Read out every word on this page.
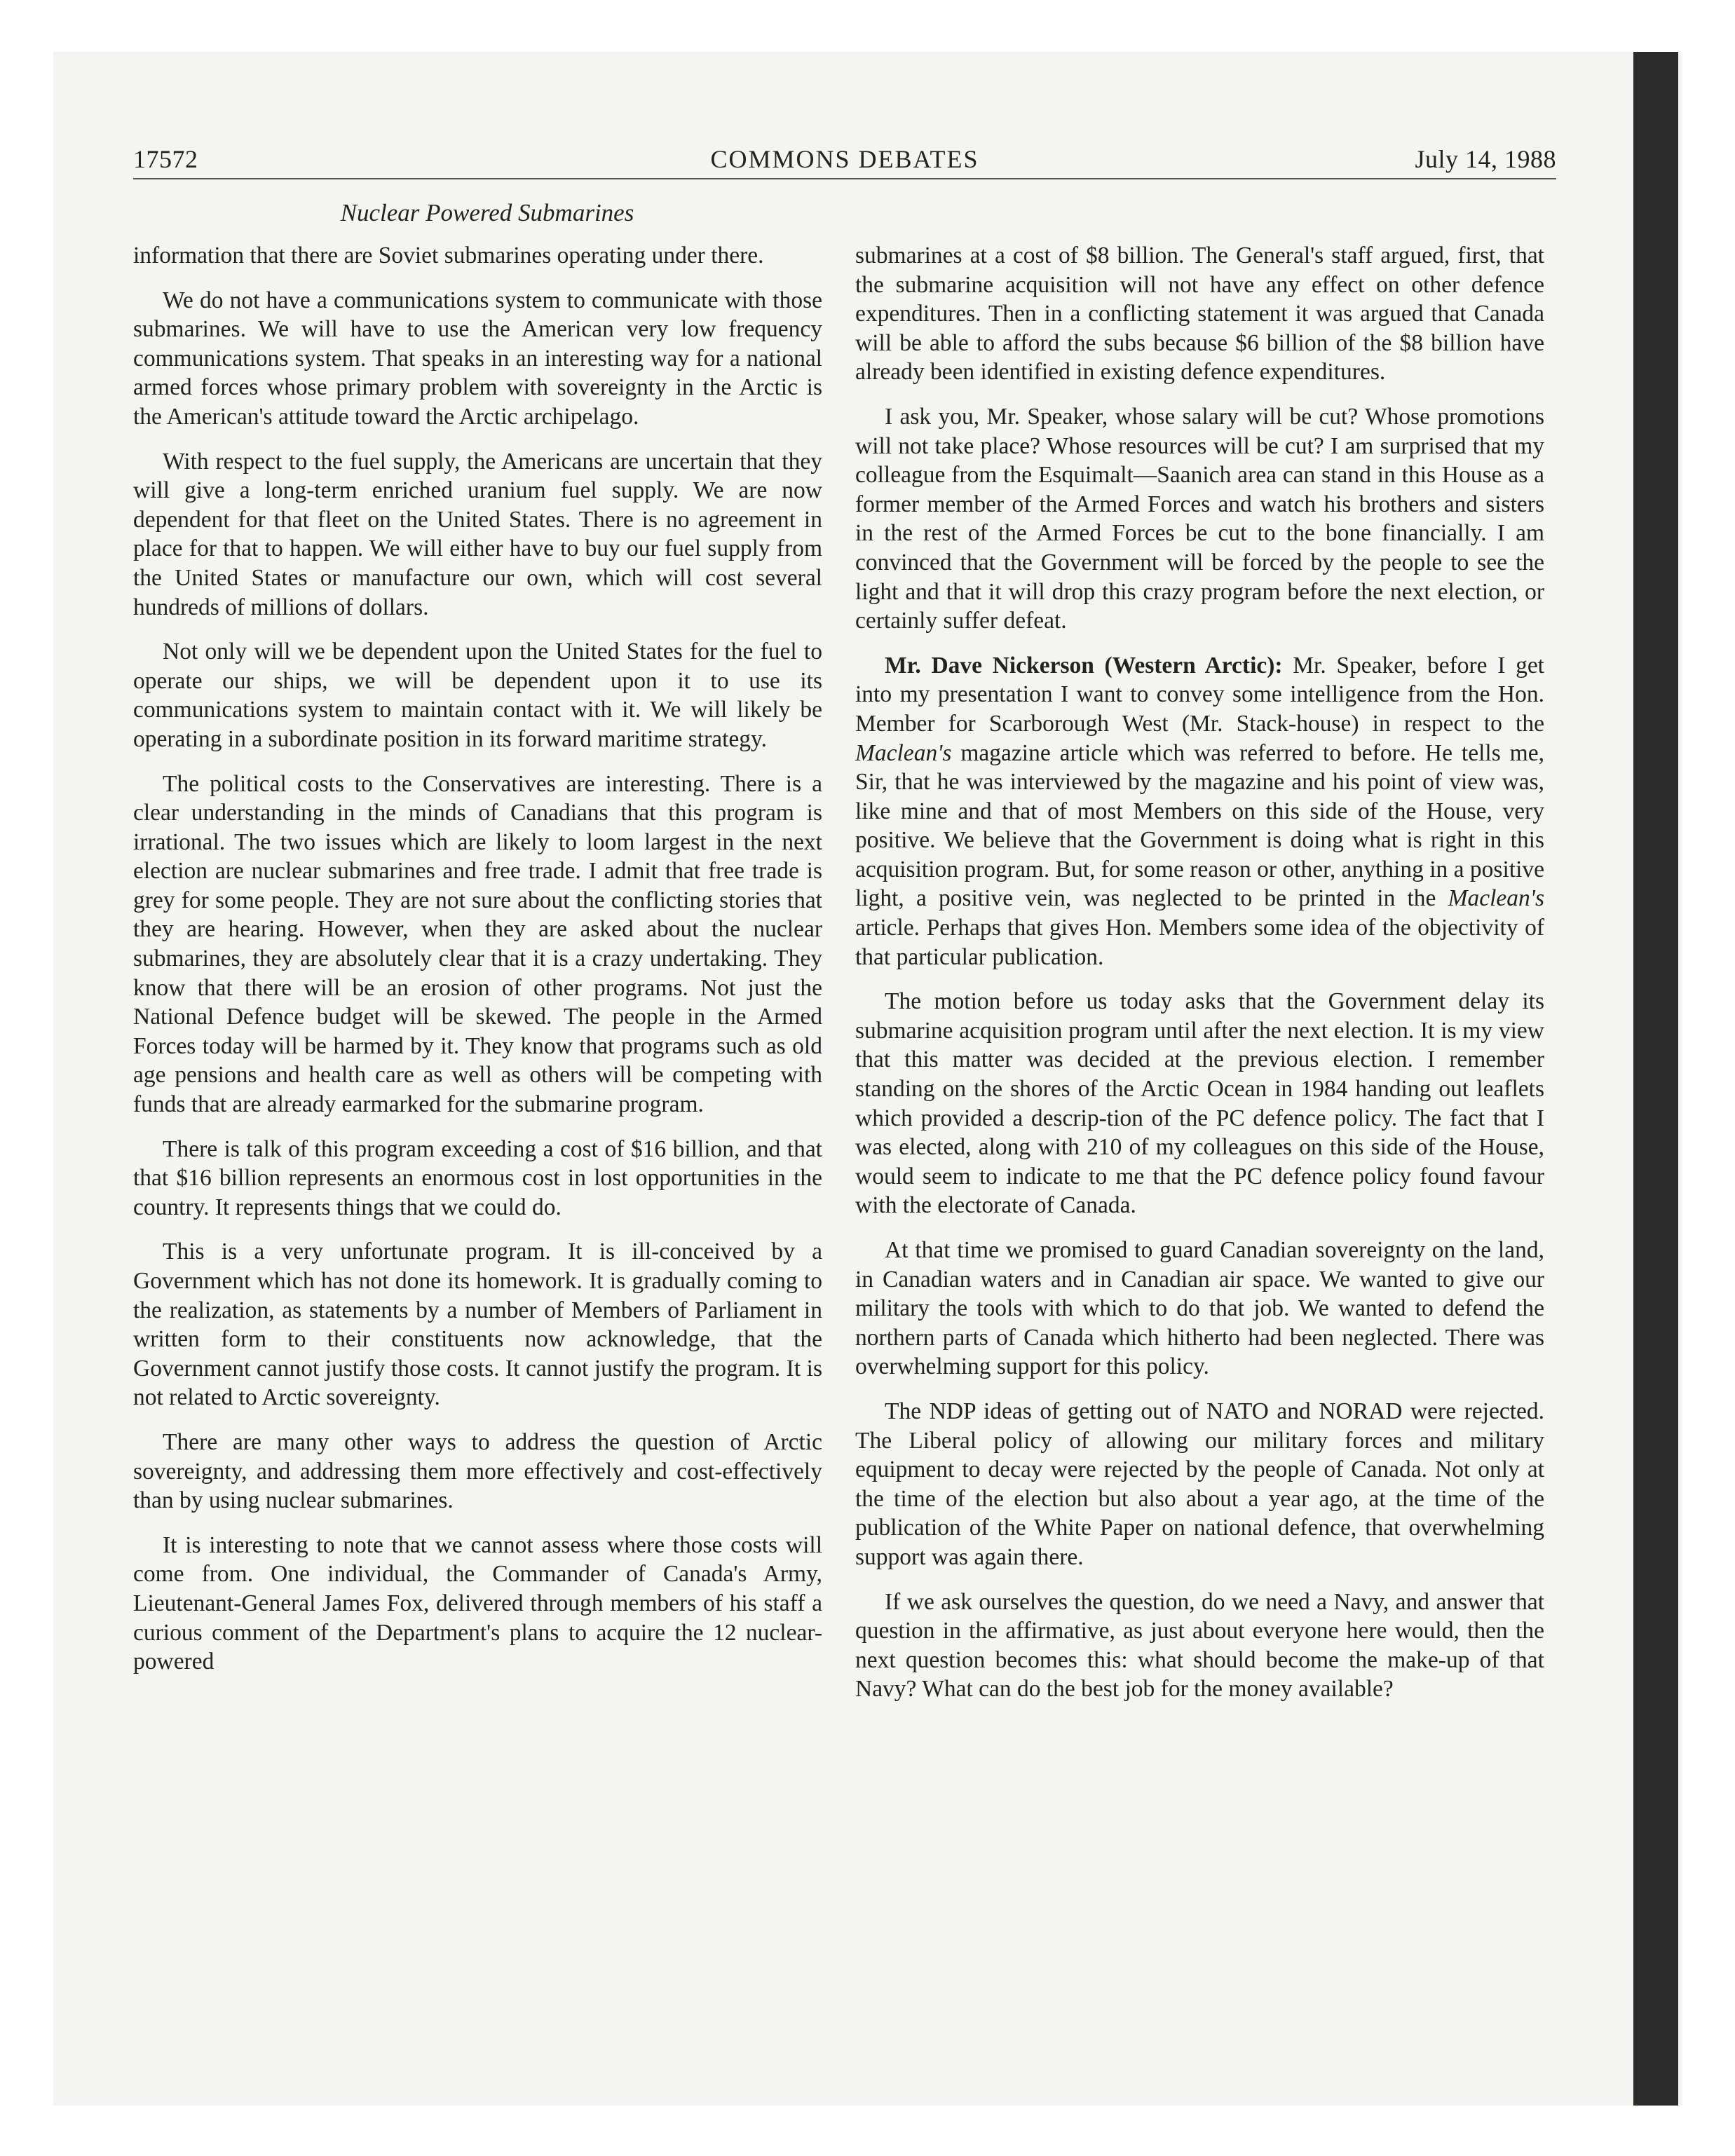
17572	COMMONS DEBATES	July 14, 1988
Nuclear Powered Submarines

information that there are Soviet submarines operating under there.

We do not have a communications system to communicate with those submarines. We will have to use the American very low frequency communications system. That speaks in an interesting way for a national armed forces whose primary problem with sovereignty in the Arctic is the American's attitude toward the Arctic archipelago.

With respect to the fuel supply, the Americans are uncertain that they will give a long-term enriched uranium fuel supply. We are now dependent for that fleet on the United States. There is no agreement in place for that to happen. We will either have to buy our fuel supply from the United States or manufacture our own, which will cost several hundreds of millions of dollars.

Not only will we be dependent upon the United States for the fuel to operate our ships, we will be dependent upon it to use its communications system to maintain contact with it. We will likely be operating in a subordinate position in its forward maritime strategy.

The political costs to the Conservatives are interesting. There is a clear understanding in the minds of Canadians that this program is irrational. The two issues which are likely to loom largest in the next election are nuclear submarines and free trade. I admit that free trade is grey for some people. They are not sure about the conflicting stories that they are hearing. However, when they are asked about the nuclear submarines, they are absolutely clear that it is a crazy undertaking. They know that there will be an erosion of other programs. Not just the National Defence budget will be skewed. The people in the Armed Forces today will be harmed by it. They know that programs such as old age pensions and health care as well as others will be competing with funds that are already earmarked for the submarine program.

There is talk of this program exceeding a cost of $16 billion, and that that $16 billion represents an enormous cost in lost opportunities in the country. It represents things that we could do.

This is a very unfortunate program. It is ill-conceived by a Government which has not done its homework. It is gradually coming to the realization, as statements by a number of Members of Parliament in written form to their constituents now acknowledge, that the Government cannot justify those costs. It cannot justify the program. It is not related to Arctic sovereignty.

There are many other ways to address the question of Arctic sovereignty, and addressing them more effectively and cost-effectively than by using nuclear submarines.

It is interesting to note that we cannot assess where those costs will come from. One individual, the Commander of Canada's Army, Lieutenant-General James Fox, delivered through members of his staff a curious comment of the Department's plans to acquire the 12 nuclear-powered

submarines at a cost of $8 billion. The General's staff argued, first, that the submarine acquisition will not have any effect on other defence expenditures. Then in a conflicting statement it was argued that Canada will be able to afford the subs because $6 billion of the $8 billion have already been identified in existing defence expenditures.

I ask you, Mr. Speaker, whose salary will be cut? Whose promotions will not take place? Whose resources will be cut? I am surprised that my colleague from the Esquimalt—Saanich area can stand in this House as a former member of the Armed Forces and watch his brothers and sisters in the rest of the Armed Forces be cut to the bone financially. I am convinced that the Government will be forced by the people to see the light and that it will drop this crazy program before the next election, or certainly suffer defeat.

Mr. Dave Nickerson (Western Arctic): Mr. Speaker, before I get into my presentation I want to convey some intelligence from the Hon. Member for Scarborough West (Mr. Stack-house) in respect to the Maclean's magazine article which was referred to before. He tells me, Sir, that he was interviewed by the magazine and his point of view was, like mine and that of most Members on this side of the House, very positive. We believe that the Government is doing what is right in this acquisition program. But, for some reason or other, anything in a positive light, a positive vein, was neglected to be printed in the Maclean's article. Perhaps that gives Hon. Members some idea of the objectivity of that particular publication.

The motion before us today asks that the Government delay its submarine acquisition program until after the next election. It is my view that this matter was decided at the previous election. I remember standing on the shores of the Arctic Ocean in 1984 handing out leaflets which provided a descrip-tion of the PC defence policy. The fact that I was elected, along with 210 of my colleagues on this side of the House, would seem to indicate to me that the PC defence policy found favour with the electorate of Canada.

At that time we promised to guard Canadian sovereignty on the land, in Canadian waters and in Canadian air space. We wanted to give our military the tools with which to do that job. We wanted to defend the northern parts of Canada which hitherto had been neglected. There was overwhelming support for this policy.

The NDP ideas of getting out of NATO and NORAD were rejected. The Liberal policy of allowing our military forces and military equipment to decay were rejected by the people of Canada. Not only at the time of the election but also about a year ago, at the time of the publication of the White Paper on national defence, that overwhelming support was again there.

If we ask ourselves the question, do we need a Navy, and answer that question in the affirmative, as just about everyone here would, then the next question becomes this: what should become the make-up of that Navy? What can do the best job for the money available?
